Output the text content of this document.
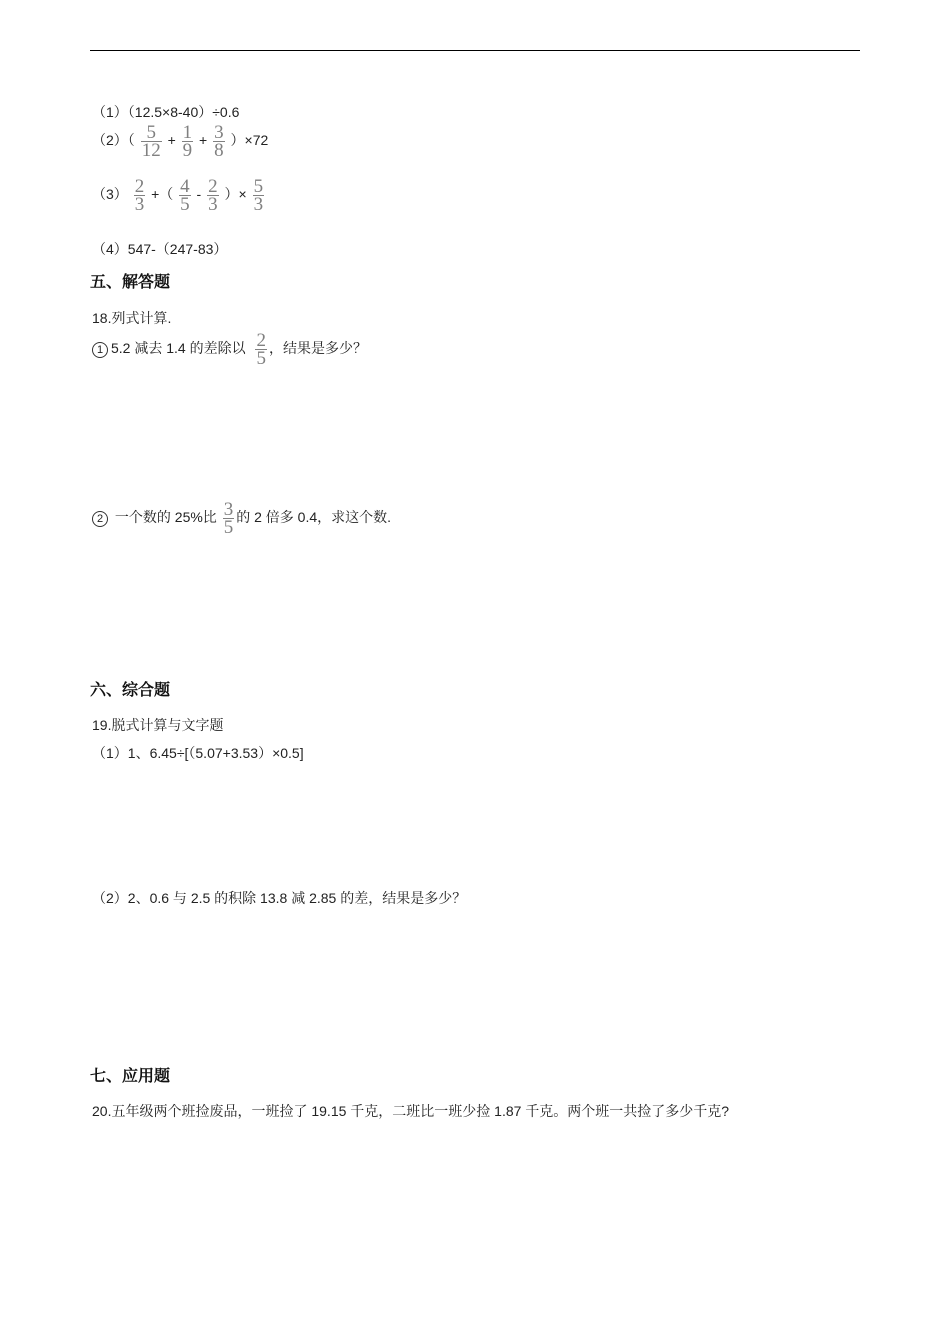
（1）（12.5×8-40）÷0.6
$(2)( \frac{5}{12} + \frac{1}{9} + \frac{3}{8} )\times 72$
$(3) \frac{2}{3}$ +（ $\frac{4}{5} - \frac{2}{3}$ ）× $\frac{5}{3}$
（4）547-（247-83）
五、解答题
18.列式计算.
1 5.2 减去 1.4 的差除以 $\frac{2}{5}$ ，结果是多少？
2 一个数的 25%比 $\frac{3}{5}$ 的 2 倍多 0.4，求这个数.
六、综合题
19.脱式计算与文字题
（1）1、6.45÷[（5.07+3.53）×0.5]
（2）2、0.6 与 2.5 的积除 13.8 减 2.85 的差，结果是多少？
七、应用题
20.五年级两个班捡废品，一班捡了 19.15 千克，二班比一班少捡 1.87 千克。两个班一共捡了多少千克?
